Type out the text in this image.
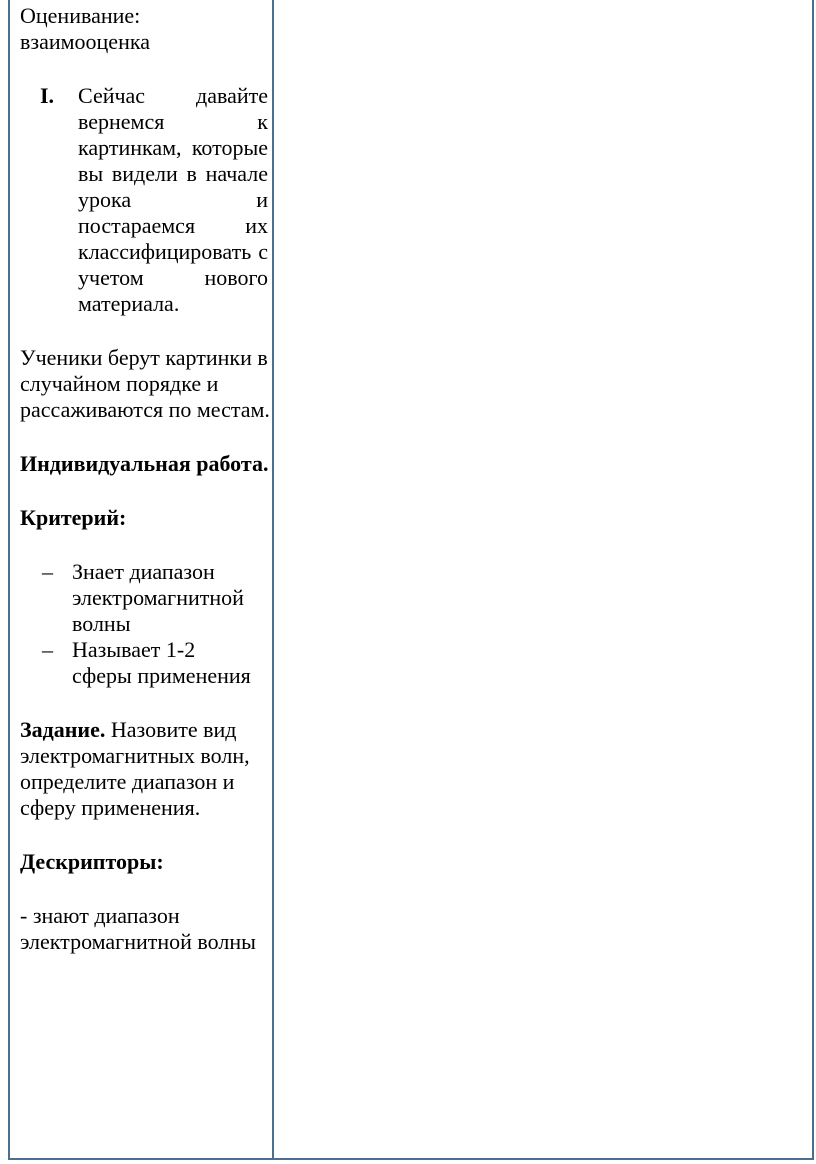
Оценивание: взаимооценка

I.	Сейчас давайте вернемся к картинкам, которые вы видели в начале урока и постараемся их классифицировать с учетом нового материала.

Ученики берут картинки в случайном порядке и рассаживаются по местам.

Индивидуальная работа.

Критерий:

– Знает диапазон электромагнитной волны
– Называет 1-2 сферы применения

Задание. Назовите вид электромагнитных волн, определите диапазон и сферу применения.

Дескрипторы:

- знают диапазон электромагнитной волны
